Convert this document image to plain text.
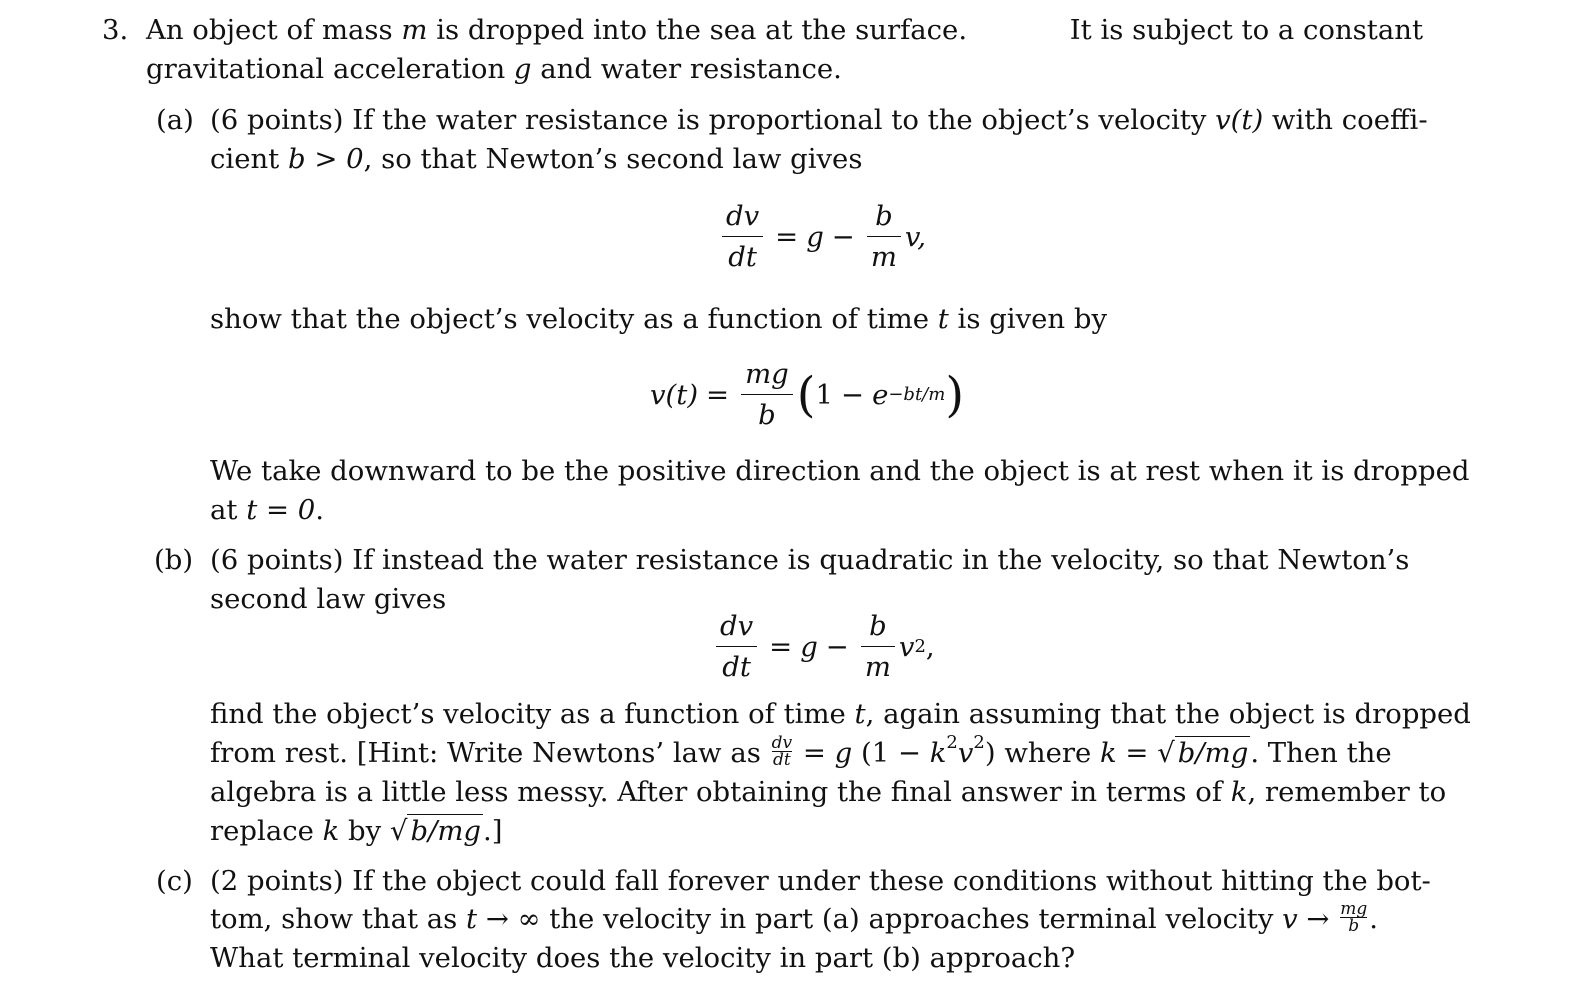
3. An object of mass m is dropped into the sea at the surface.	It is subject to a constant
gravitational acceleration g and water resistance.
(a) (6 points) If the water resistance is proportional to the object’s velocity v(t) with coeffi-
cient b > 0, so that Newton’s second law gives
$\frac{dv}{dt} = g - \frac{b}{m} v$,
show that the object’s velocity as a function of time t is given by
$v(t) = \frac{mg}{b}$ ( 1 − e −bt/m )
We take downward to be the positive direction and the object is at rest when it is dropped
at t = 0.
(b) (6 points) If instead the water resistance is quadratic in the velocity, so that Newton’s
second law gives
$\frac{dv}{dt} = g - \frac{b}{m}$ v 2 ,
find the object’s velocity as a function of time t, again assuming that the object is dropped
from rest. [Hint: Write Newtons’ law as $\frac{dv}{dt} = g$ $(1 - k^2v^2)$ where k = √ b/mg. Then the
algebra is a little less messy. After obtaining the final answer in terms of k, remember to
replace k by √ b/mg.]
(c) (2 points) If the object could fall forever under these conditions without hitting the bot-
tom, show that as t → ∞ the velocity in part (a) approaches terminal velocity $v \to \frac{mg}{b}$ .
What terminal velocity does the velocity in part (b) approach?
